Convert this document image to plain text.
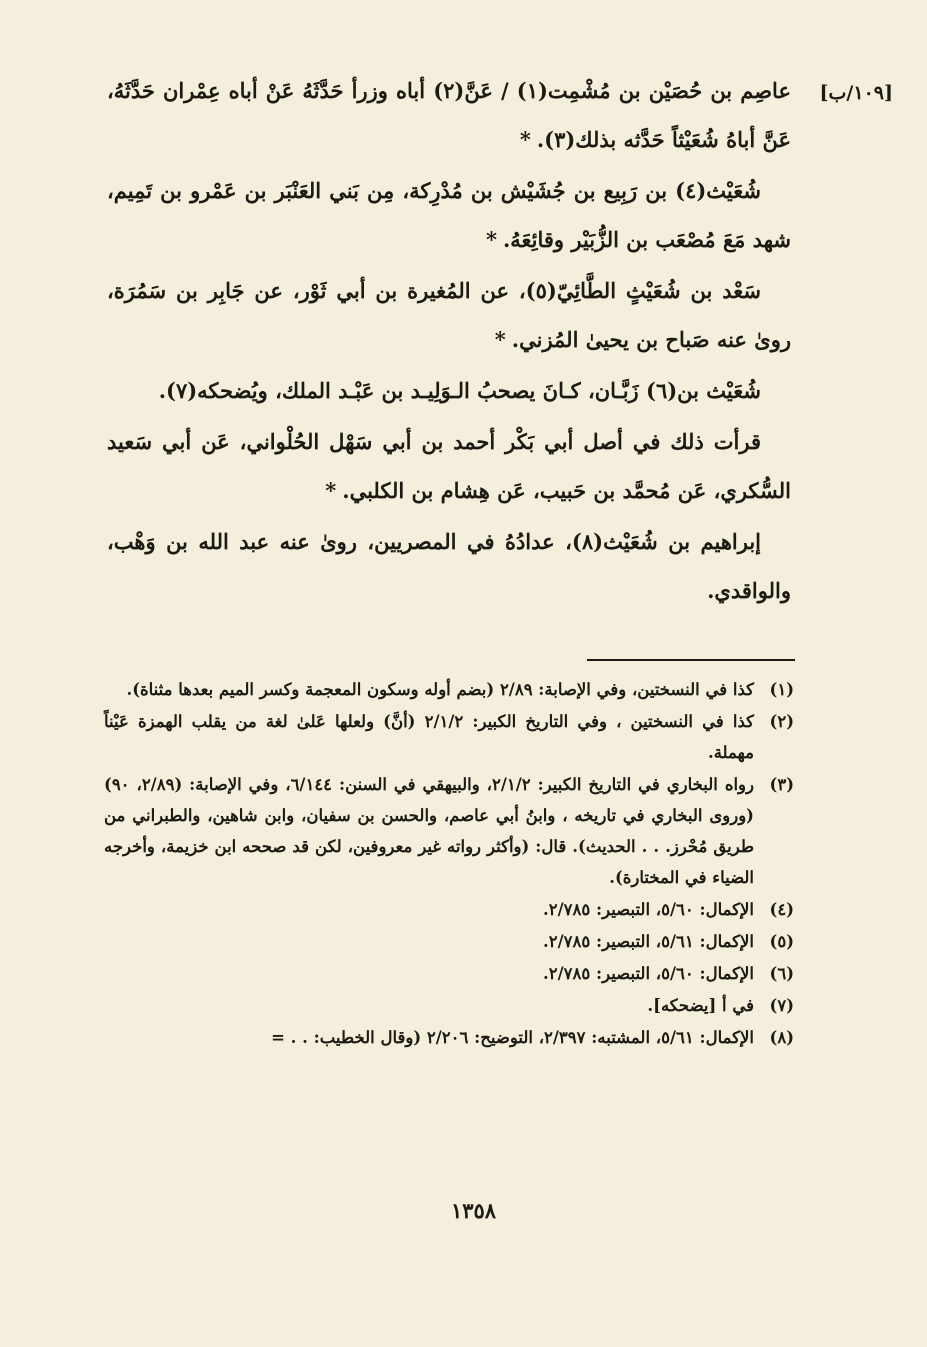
[١٠٩/ب]

عاصِم بن حُصَيْن بن مُشْمِت(١) / عَنَّ(٢) أباه وزرأ حَدَّثَهُ عَنْ أباه عِمْران حَدَّثَهُ، عَنَّ أباهُ شُعَيْثاً حَدَّثه بذلك(٣).*

شُعَيْث(٤) بن رَبِيع بن جُشَيْش بن مُدْرِكة، مِن بَني العَنْبَر بن عَمْرو بن تَمِيم، شهد مَعَ مُصْعَب بن الزُّبَيْر وقائِعَهُ.*

سَعْد بن شُعَيْثٍ الطَّائِيّ(٥)، عن المُغيرة بن أبي ثَوْر، عن جَابِر بن سَمُرَة، روىٰ عنه صَباح بن يحيىٰ المُزني.*

شُعَيْث بن(٦) زَبَّـان، كـانَ يصحبُ الـوَلِيـد بن عَبْـد الملك، ويُضحكه(٧).

قرأت ذلك في أصل أبي بَكْر أحمد بن أبي سَهْل الحُلْواني، عَن أبي سَعيد السُّكري، عَن مُحمَّد بن حَبيب، عَن هِشام بن الكلبي.*

إبراهيم بن شُعَيْث(٨)، عدادُهُ في المصريين، روىٰ عنه عبد الله بن وَهْب، والواقدي.

(١)
كذا في النسختين، وفي الإصابة: ٢/٨٩ (بضم أوله وسكون المعجمة وكسر الميم بعدها مثناة).
(٢)
كذا في النسختين ، وفي التاريخ الكبير: ٢/١/٢ (أنَّ) ولعلها عَلىٰ لغة من يقلب الهمزة عَيْناً مهملة.
(٣)
رواه البخاري في التاريخ الكبير: ٢/١/٢، والبيهقي في السنن: ٦/١٤٤، وفي الإصابة: (٢/٨٩، ٩٠) (وروى البخاري في تاريخه ، وابنُ أبي عاصم، والحسن بن سفيان، وابن شاهين، والطبراني من طريق مُحْرز. . . الحديث). قال: (وأكثر رواته غير معروفين، لكن قد صححه ابن خزيمة، وأخرجه الضياء في المختارة).
(٤)
الإكمال: ٥/٦٠، التبصير: ٢/٧٨٥.
(٥)
الإكمال: ٥/٦١، التبصير: ٢/٧٨٥.
(٦)
الإكمال: ٥/٦٠، التبصير: ٢/٧٨٥.
(٧)
في أ [يضحكه].
(٨)
الإكمال: ٥/٦١، المشتبه: ٢/٣٩٧، التوضيح: ٢/٢٠٦ (وقال الخطيب: . . =
١٣٥٨
